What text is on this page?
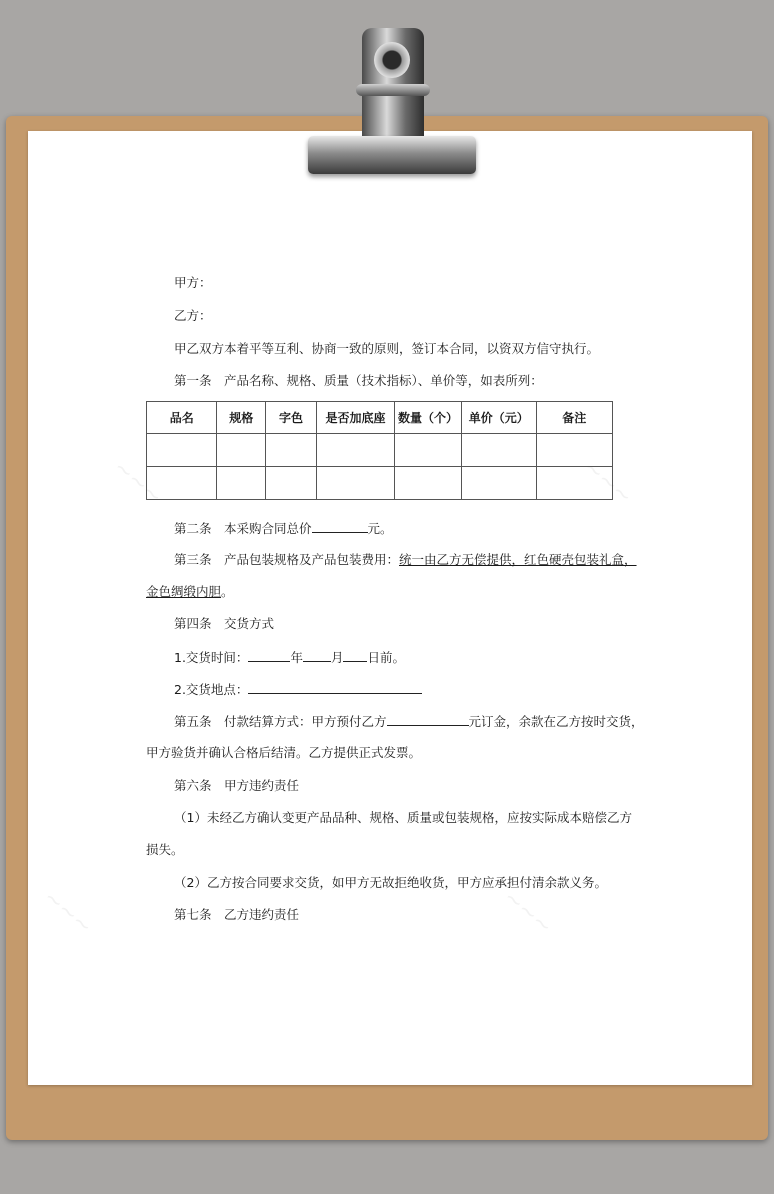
~~~	~~~
~~~	~~~
甲方：
乙方：
甲乙双方本着平等互利、协商一致的原则，签订本合同，以资双方信守执行。
第一条　产品名称、规格、质量（技术指标）、单价等，如表所列：
品名	规格	字色	是否加底座	数量（个）	单价（元）	备注

第二条　本采购合同总价	元。
第三条　产品包装规格及产品包装费用：统一由乙方无偿提供，红色硬壳包装礼盒，
金色绸缎内胆。
第四条　交货方式
1.交货时间：	年 月 日前。
2.交货地点：
第五条　付款结算方式：甲方预付乙方	元订金，余款在乙方按时交货，
甲方验货并确认合格后结清。乙方提供正式发票。
第六条　甲方违约责任
（1）未经乙方确认变更产品品种、规格、质量或包装规格，应按实际成本赔偿乙方
损失。
（2）乙方按合同要求交货，如甲方无故拒绝收货，甲方应承担付清余款义务。
第七条　乙方违约责任
